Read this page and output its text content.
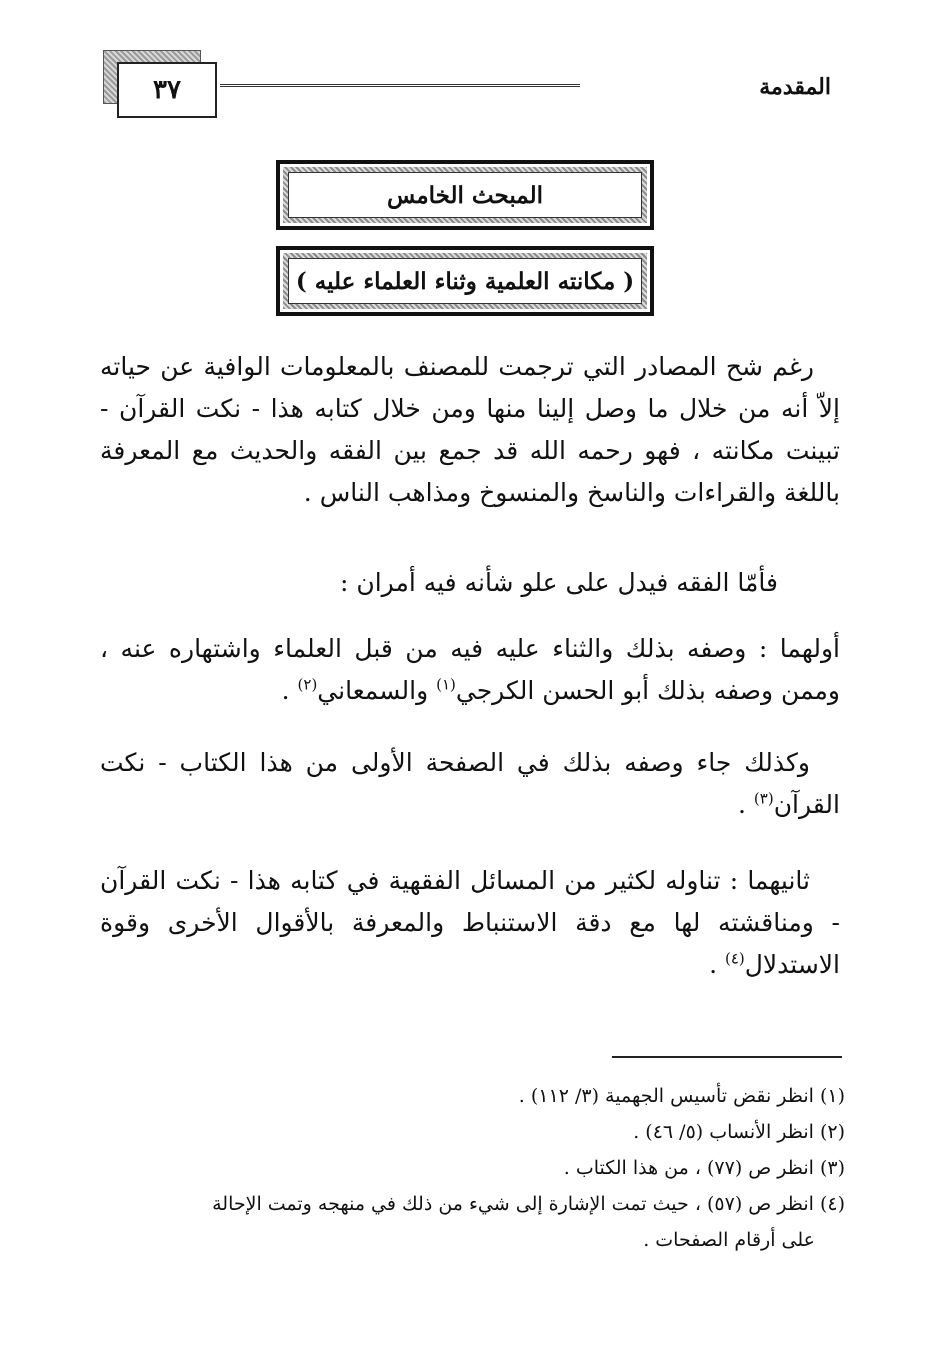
المقدمة
٣٧
المبحث الخامس
( مكانته العلمية وثناء العلماء عليه )

رغم شح المصادر التي ترجمت للمصنف بالمعلومات الوافية عن حياته إلاّ أنه من خلال ما وصل إلينا منها ومن خلال كتابه هذا - نكت القرآن - تبينت مكانته ، فهو رحمه الله قد جمع بين الفقه والحديث مع المعرفة باللغة والقراءات والناسخ والمنسوخ ومذاهب الناس .

فأمّا الفقه فيدل على علو شأنه فيه أمران :

أولهما : وصفه بذلك والثناء عليه فيه من قبل العلماء واشتهاره عنه ، وممن وصفه بذلك أبو الحسن الكرجي$^{(١)}$ والسمعاني$^{(٢)}$ .

وكذلك جاء وصفه بذلك في الصفحة الأولى من هذا الكتاب - نكت القرآن$^{(٣)}$ .

ثانيهما : تناوله لكثير من المسائل الفقهية في كتابه هذا - نكت القرآن - ومناقشته لها مع دقة الاستنباط والمعرفة بالأقوال الأخرى وقوة الاستدلال$^{(٤)}$ .

(١)انظر نقض تأسيس الجهمية (٣/ ١١٢) .
(٢)انظر الأنساب (٥/ ٤٦) .
(٣)انظر ص (٧٧) ، من هذا الكتاب .
(٤)انظر ص (٥٧) ، حيث تمت الإشارة إلى شيء من ذلك في منهجه وتمت الإحالة
على أرقام الصفحات .
